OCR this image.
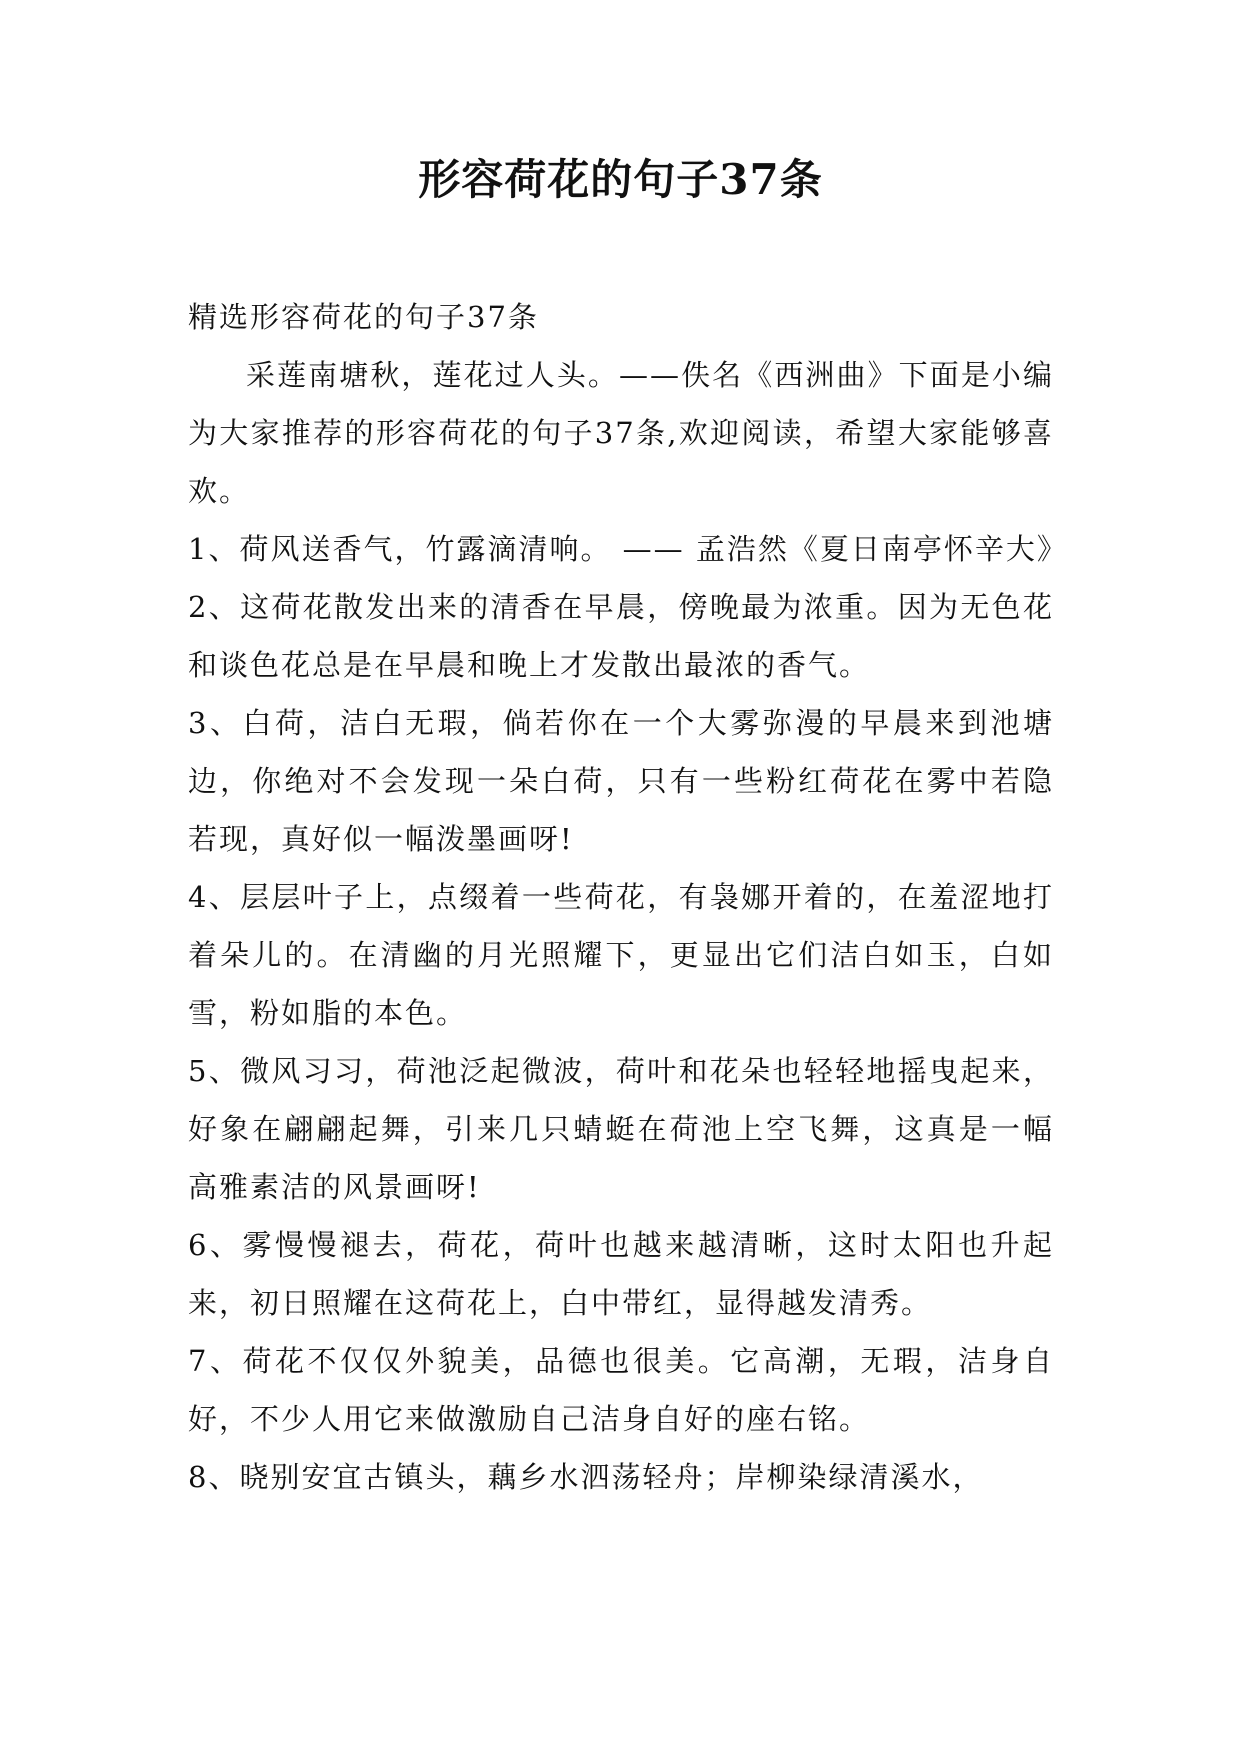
形容荷花的句子37条

精选形容荷花的句子37条

采莲南塘秋，莲花过人头。——佚名《西洲曲》下面是小编为大家推荐的形容荷花的句子37条,欢迎阅读，希望大家能够喜欢。

1、荷风送香气，竹露滴清响。 —— 孟浩然《夏日南亭怀辛大》

2、这荷花散发出来的清香在早晨，傍晚最为浓重。因为无色花和谈色花总是在早晨和晚上才发散出最浓的香气。

3、白荷，洁白无瑕，倘若你在一个大雾弥漫的早晨来到池塘边，你绝对不会发现一朵白荷，只有一些粉红荷花在雾中若隐若现，真好似一幅泼墨画呀!

4、层层叶子上，点缀着一些荷花，有袅娜开着的，在羞涩地打着朵儿的。在清幽的月光照耀下，更显出它们洁白如玉，白如雪，粉如脂的本色。

5、微风习习，荷池泛起微波，荷叶和花朵也轻轻地摇曳起来，好象在翩翩起舞，引来几只蜻蜓在荷池上空飞舞，这真是一幅高雅素洁的风景画呀!

6、雾慢慢褪去，荷花，荷叶也越来越清晰，这时太阳也升起来，初日照耀在这荷花上，白中带红，显得越发清秀。

7、荷花不仅仅外貌美，品德也很美。它高潮，无瑕，洁身自好，不少人用它来做激励自己洁身自好的座右铭。

8、晓别安宜古镇头，藕乡水泗荡轻舟；岸柳染绿清溪水，
